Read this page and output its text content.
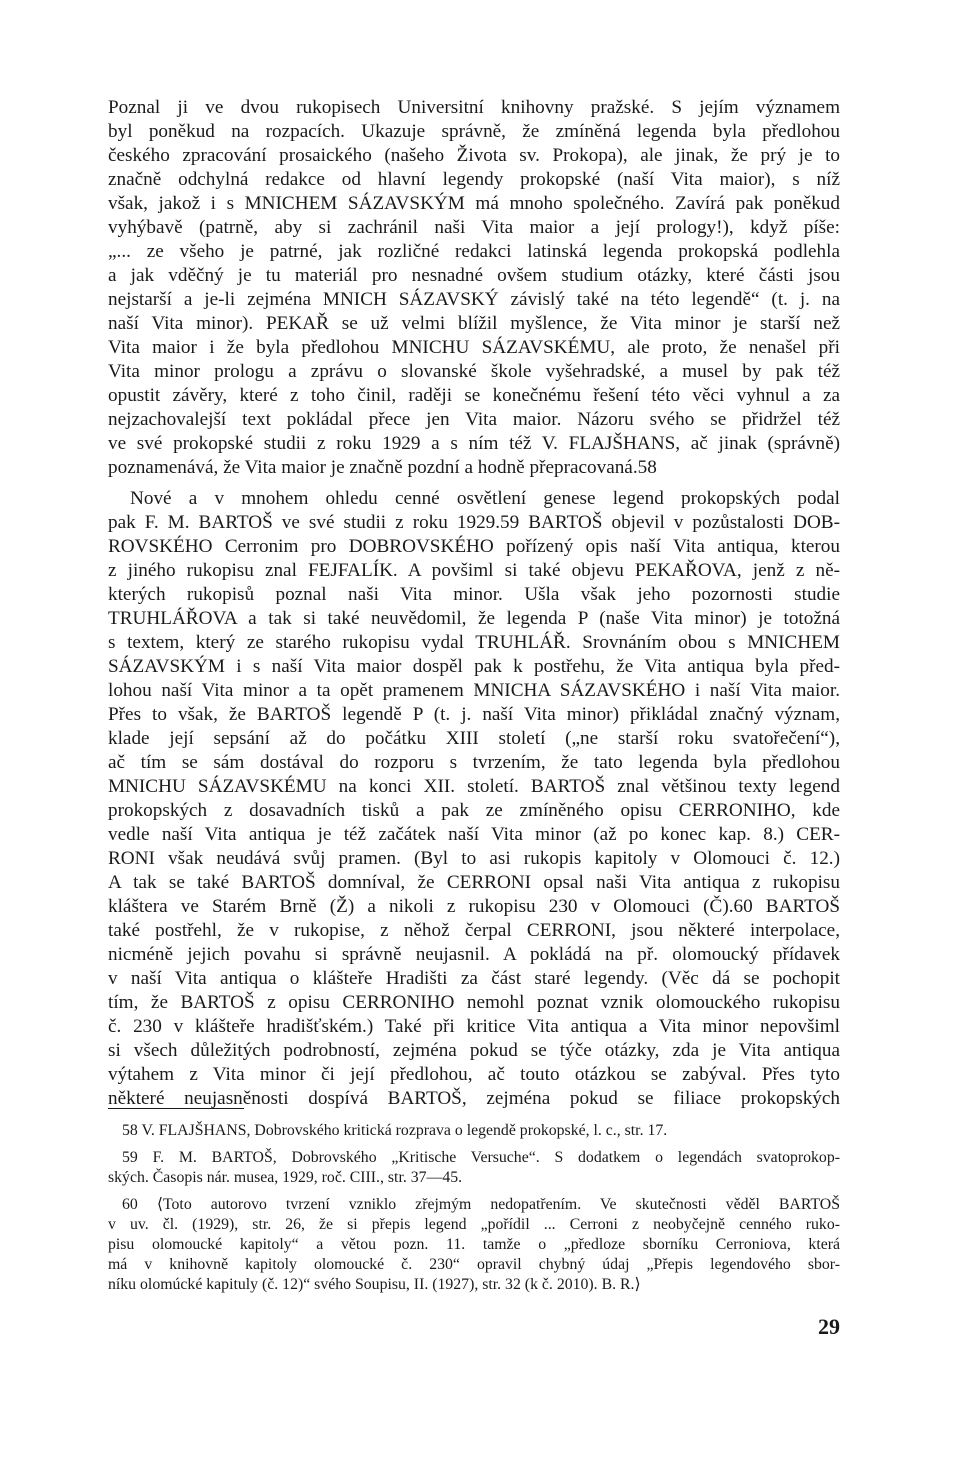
Poznal ji ve dvou rukopisech Universitní knihovny pražské. S jejím významem
byl poněkud na rozpacích. Ukazuje správně, že zmíněná legenda byla předlohou
českého zpracování prosaického (našeho Života sv. Prokopa), ale jinak, že prý je to
značně odchylná redakce od hlavní legendy prokopské (naší Vita maior), s níž
však, jakož i s MNICHEM SÁZAVSKÝM má mnoho společného. Zavírá pak poněkud
vyhýbavě (patrně, aby si zachránil naši Vita maior a její prology!), když píše:
„... ze všeho je patrné, jak rozličné redakci latinská legenda prokopská podlehla
a jak vděčný je tu materiál pro nesnadné ovšem studium otázky, které části jsou
nejstarší a je-li zejména MNICH SÁZAVSKÝ závislý také na této legendě“ (t. j. na
naší Vita minor). PEKAŘ se už velmi blížil myšlence, že Vita minor je starší než
Vita maior i že byla předlohou MNICHU SÁZAVSKÉMU, ale proto, že nenašel při
Vita minor prologu a zprávu o slovanské škole vyšehradské, a musel by pak též
opustit závěry, které z toho činil, raději se konečnému řešení této věci vyhnul a za
nejzachovalejší text pokládal přece jen Vita maior. Názoru svého se přidržel též
ve své prokopské studii z roku 1929 a s ním též V. FLAJŠHANS, ač jinak (správně)
poznamenává, že Vita maior je značně pozdní a hodně přepracovaná.58
Nové a v mnohem ohledu cenné osvětlení genese legend prokopských podal
pak F. M. BARTOŠ ve své studii z roku 1929.59 BARTOŠ objevil v pozůstalosti DOB-
ROVSKÉHO Cerronim pro DOBROVSKÉHO pořízený opis naší Vita antiqua, kterou
z jiného rukopisu znal FEJFALÍK. A povšiml si také objevu PEKAŘOVA, jenž z ně-
kterých rukopisů poznal naši Vita minor. Ušla však jeho pozornosti studie
TRUHLÁŘOVA a tak si také neuvědomil, že legenda P (naše Vita minor) je totožná
s textem, který ze starého rukopisu vydal TRUHLÁŘ. Srovnáním obou s MNICHEM
SÁZAVSKÝM i s naší Vita maior dospěl pak k postřehu, že Vita antiqua byla před-
lohou naší Vita minor a ta opět pramenem MNICHA SÁZAVSKÉHO i naší Vita maior.
Přes to však, že BARTOŠ legendě P (t. j. naší Vita minor) přikládal značný význam,
klade její sepsání až do počátku XIII století („ne starší roku svatořečení“),
ač tím se sám dostával do rozporu s tvrzením, že tato legenda byla předlohou
MNICHU SÁZAVSKÉMU na konci XII. století. BARTOŠ znal většinou texty legend
prokopských z dosavadních tisků a pak ze zmíněného opisu CERRONIHO, kde
vedle naší Vita antiqua je též začátek naší Vita minor (až po konec kap. 8.) CER-
RONI však neudává svůj pramen. (Byl to asi rukopis kapitoly v Olomouci č. 12.)
A tak se také BARTOŠ domníval, že CERRONI opsal naši Vita antiqua z rukopisu
kláštera ve Starém Brně (Ž) a nikoli z rukopisu 230 v Olomouci (Č).60 BARTOŠ
také postřehl, že v rukopise, z něhož čerpal CERRONI, jsou některé interpolace,
nicméně jejich povahu si správně neujasnil. A pokládá na př. olomoucký přídavek
v naší Vita antiqua o klášteře Hradišti za část staré legendy. (Věc dá se pochopit
tím, že BARTOŠ z opisu CERRONIHO nemohl poznat vznik olomouckého rukopisu
č. 230 v klášteře hradišťském.) Také při kritice Vita antiqua a Vita minor nepovšiml
si všech důležitých podrobností, zejména pokud se týče otázky, zda je Vita antiqua
výtahem z Vita minor či její předlohou, ač touto otázkou se zabýval. Přes tyto
některé neujasněnosti dospívá BARTOŠ, zejména pokud se filiace prokopských
58 V. FLAJŠHANS, Dobrovského kritická rozprava o legendě prokopské, l. c., str. 17.
59 F. M. BARTOŠ, Dobrovského „Kritische Versuche“. S dodatkem o legendách svatoprokop-
ských. Časopis nár. musea, 1929, roč. CIII., str. 37—45.
60 ⟨Toto autorovo tvrzení vzniklo zřejmým nedopatřením. Ve skutečnosti věděl BARTOŠ
v uv. čl. (1929), str. 26, že si přepis legend „pořídil ... Cerroni z neobyčejně cenného ruko-
pisu olomoucké kapitoly“ a větou pozn. 11. tamže o „předloze sborníku Cerroniova, která
má v knihovně kapitoly olomoucké č. 230“ opravil chybný údaj „Přepis legendového sbor-
níku olomúcké kapituly (č. 12)“ svého Soupisu, II. (1927), str. 32 (k č. 2010). B. R.⟩
29
